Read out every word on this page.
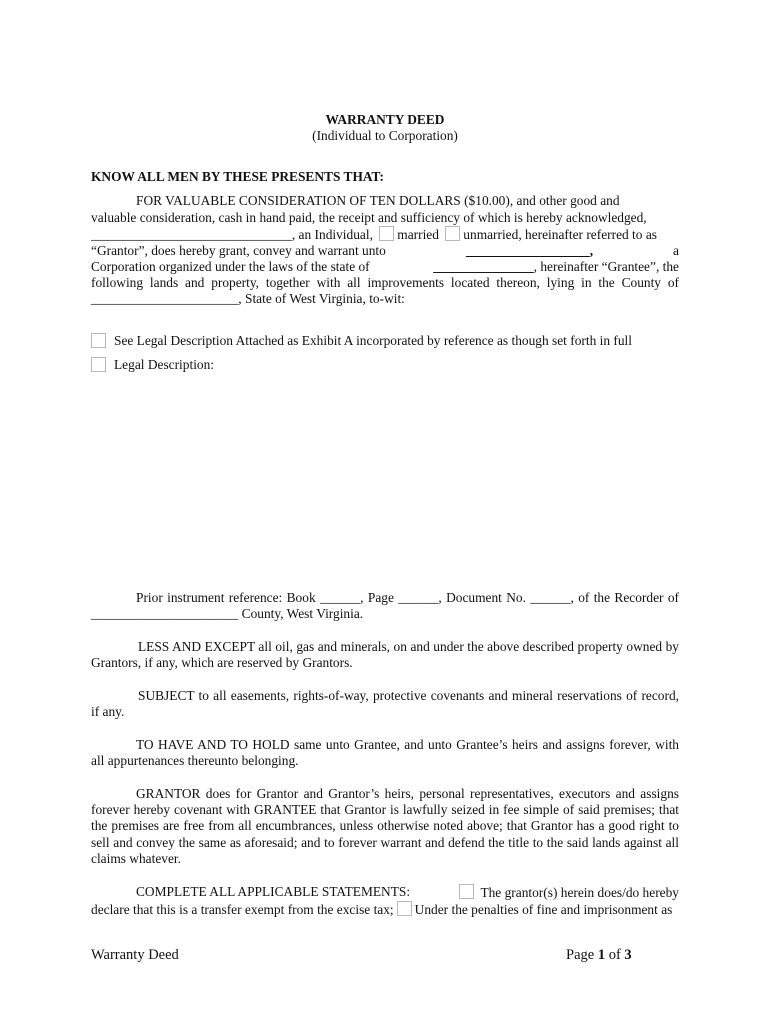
WARRANTY DEED
(Individual to Corporation)
KNOW ALL MEN BY THESE PRESENTS THAT:
FOR VALUABLE CONSIDERATION OF TEN DOLLARS ($10.00), and other good and
valuable consideration, cash in hand paid, the receipt and sufficiency of which is hereby acknowledged,
______________________________, an Individual, married unmarried, hereinafter referred to as
“Grantor”, does hereby grant, convey and warrant unto	,	a
Corporation organized under the laws of the state of	_______________, hereinafter “Grantee”, the
following lands and property, together with all improvements located thereon, lying in the County of
______________________, State of West Virginia, to-wit:
See Legal Description Attached as Exhibit A incorporated by reference as though set forth in full
Legal Description:
Prior instrument reference: Book ______, Page ______, Document No. ______, of the Recorder of
______________________ County, West Virginia.
LESS AND EXCEPT all oil, gas and minerals, on and under the above described property owned by Grantors, if any, which are reserved by Grantors.
SUBJECT to all easements, rights-of-way, protective covenants and mineral reservations of record, if any.
TO HAVE AND TO HOLD same unto Grantee, and unto Grantee’s heirs and assigns forever, with all appurtenances thereunto belonging.
GRANTOR does for Grantor and Grantor’s heirs, personal representatives, executors and assigns forever hereby covenant with GRANTEE that Grantor is lawfully seized in fee simple of said premises; that the premises are free from all encumbrances, unless otherwise noted above; that Grantor has a good right to sell and convey the same as aforesaid; and to forever warrant and defend the title to the said lands against all claims whatever.
COMPLETE ALL APPLICABLE STATEMENTS:	The grantor(s) herein does/do hereby
declare that this is a transfer exempt from the excise tax; Under the penalties of fine and imprisonment as
Warranty Deed	Page 1 of 3
